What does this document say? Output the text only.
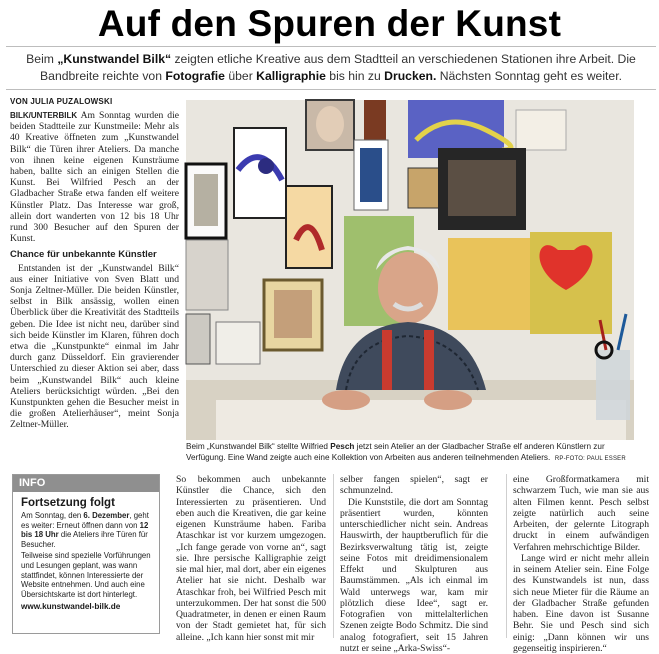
Auf den Spuren der Kunst
Beim „Kunstwandel Bilk“ zeigten etliche Kreative aus dem Stadtteil an verschiedenen Stationen ihre Arbeit. Die Bandbreite reichte von Fotografie über Kalligraphie bis hin zu Drucken. Nächsten Sonntag geht es weiter.
VON JULIA PUZALOWSKI

BILK/UNTERBILK Am Sonntag wurden die beiden Stadtteile zur Kunstmeile: Mehr als 40 Kreative öffneten zum „Kunstwandel Bilk“ die Türen ihrer Ateliers. Da manche von ihnen keine eigenen Kunsträume haben, ballte sich an einigen Stellen die Kunst. Bei Wilfried Pesch an der Gladbacher Straße etwa fanden elf weitere Künstler Platz. Das Interesse war groß, allein dort wanderten von 12 bis 18 Uhr rund 300 Besucher auf den Spuren der Kunst.

Chance für unbekannte Künstler

Entstanden ist der „Kunstwandel Bilk“ aus einer Initiative von Sven Blatt und Sonja Zeltner-Müller. Die beiden Künstler, selbst in Bilk ansässig, wollen einen Überblick über die Kreativität des Stadtteils geben. Die Idee ist nicht neu, darüber sind sich beide Künstler im Klaren, führen doch etwa die „Kunstpunkte“ einmal im Jahr durch ganz Düsseldorf. Ein gravierender Unterschied zu dieser Aktion sei aber, dass beim „Kunstwandel Bilk“ auch kleine Ateliers berücksichtigt würden. „Bei den Kunstpunkten gehen die Besucher meist in die großen Atelierhäuser“, meint Sonja Zeltner-Müller.

Beim „Kunstwandel Bilk“ stellte Wilfried Pesch jetzt sein Atelier an der Gladbacher Straße elf anderen Künstlern zur Verfügung. Eine Wand zeigte auch eine Kollektion von Arbeiten aus anderen teilnehmenden Ateliers. RP-FOTO: PAUL ESSER
INFO
Fortsetzung folgt

Am Sonntag, den 6. Dezember, geht es weiter: Erneut öffnen dann von 12 bis 18 Uhr die Ateliers ihre Türen für Besucher.

Teilweise sind spezielle Vorführungen und Lesungen geplant, was wann stattfindet, können Interessierte der Website entnehmen. Und auch eine Übersichtskarte ist dort hinterlegt.

www.kunstwandel-bilk.de

So bekommen auch unbekannte Künstler die Chance, sich den Interessierten zu präsentieren. Und eben auch die Kreativen, die gar keine eigenen Kunsträume haben. Fariba Ataschkar ist vor kurzem umgezogen. „Ich fange gerade von vorne an“, sagt sie. Ihre persische Kalligraphie zeigt sie mal hier, mal dort, aber ein eigenes Atelier hat sie nicht. Deshalb war Ataschkar froh, bei Wilfried Pesch mit unterzukommen. Der hat sonst die 500 Quadratmeter, in denen er einen Raum von der Stadt gemietet hat, für sich alleine. „Ich kann hier sonst mit mir

selber fangen spielen“, sagt er schmunzelnd.

Die Kunststile, die dort am Sonntag präsentiert wurden, könnten unterschiedlicher nicht sein. Andreas Hauswirth, der hauptberuflich für die Bezirksverwaltung tätig ist, zeigte seine Fotos mit dreidimensionalem Effekt und Skulpturen aus Baumstämmen. „Als ich einmal im Wald unterwegs war, kam mir plötzlich diese Idee“, sagt er. Fotografien von mittelalterlichen Szenen zeigte Bodo Schmitz. Die sind analog fotografiert, seit 15 Jahren nutzt er seine „Arka-Swiss“-

eine Großformatkamera mit schwarzem Tuch, wie man sie aus alten Filmen kennt. Pesch selbst zeigte natürlich auch seine Arbeiten, der gelernte Litograph druckt in einem aufwändigen Verfahren mehrschichtige Bilder.

Lange wird er nicht mehr allein in seinem Atelier sein. Eine Folge des Kunstwandels ist nun, dass sich neue Mieter für die Räume an der Gladbacher Straße gefunden haben. Eine davon ist Susanne Behr. Sie und Pesch sind sich einig: „Dann können wir uns gegenseitig inspirieren.“
